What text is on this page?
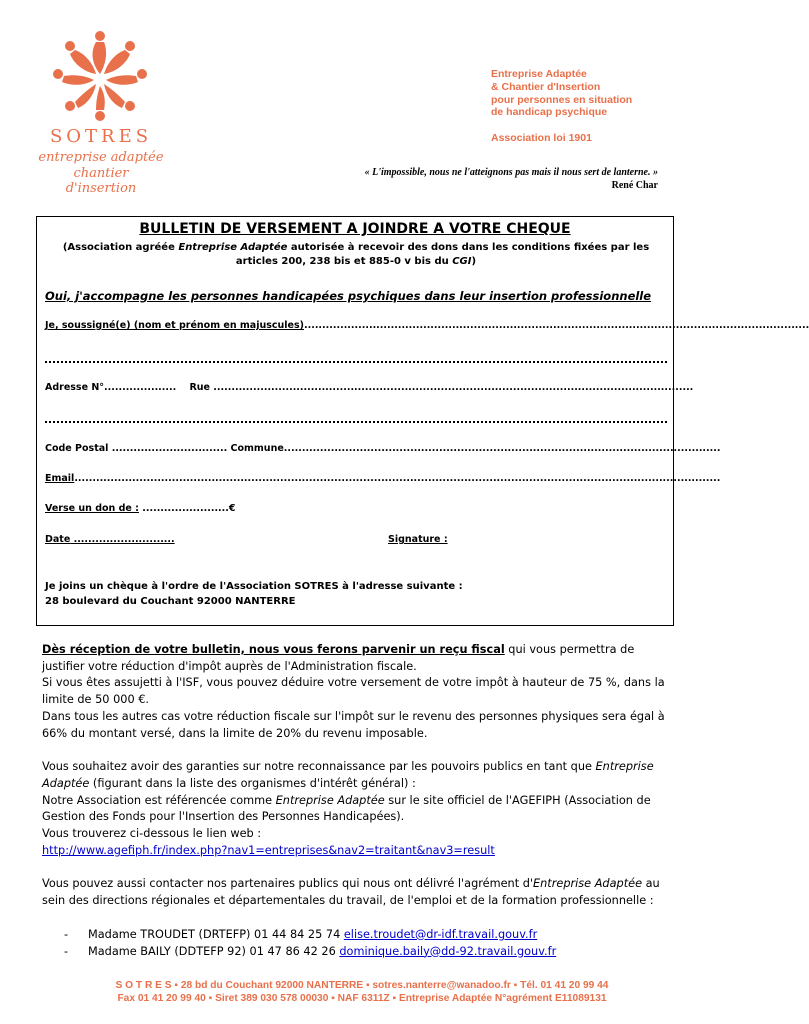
SOTRES
entreprise adaptée
chantier d'insertion
Entreprise Adaptée
& Chantier d'Insertion
pour personnes en situation
de handicap psychique
Association loi 1901
« L'impossible, nous ne l'atteignons pas mais il nous sert de lanterne. »
René Char
BULLETIN DE VERSEMENT A JOINDRE A VOTRE CHEQUE
(Association agréée Entreprise Adaptée autorisée à recevoir des dons dans les conditions fixées par les articles 200, 238 bis et 885-0 v bis du CGI)
Oui, j'accompagne les personnes handicapées psychiques dans leur insertion professionnelle
Je, soussigné(e) (nom et prénom en majuscules)............................................................................................................................................
Adresse N°....................    Rue .....................................................................................................................................
Code Postal ................................ Commune.........................................................................................................................
Email...................................................................................................................................................................................
Verse un don de : ........................€
Date ............................	Signature :
Je joins un chèque à l'ordre de l'Association SOTRES à l'adresse suivante :
28 boulevard du Couchant 92000 NANTERRE

Dès réception de votre bulletin, nous vous ferons parvenir un reçu fiscal qui vous permettra de justifier votre réduction d'impôt auprès de l'Administration fiscale.

Si vous êtes assujetti à l'ISF, vous pouvez déduire votre versement de votre impôt à hauteur de 75 %, dans la limite de 50 000 €.

Dans tous les autres cas votre réduction fiscale sur l'impôt sur le revenu des personnes physiques sera égal à 66% du montant versé, dans la limite de 20% du revenu imposable.

Vous souhaitez avoir des garanties sur notre reconnaissance par les pouvoirs publics en tant que Entreprise Adaptée (figurant dans la liste des organismes d'intérêt général) :

Notre Association est référencée comme Entreprise Adaptée sur le site officiel de l'AGEFIPH (Association de Gestion des Fonds pour l'Insertion des Personnes Handicapées).

Vous trouverez ci-dessous le lien web :

http://www.agefiph.fr/index.php?nav1=entreprises&nav2=traitant&nav3=result

Vous pouvez aussi contacter nos partenaires publics qui nous ont délivré l'agrément d'Entreprise Adaptée au sein des directions régionales et départementales du travail, de l'emploi et de la formation professionnelle :

- Madame TROUDET (DRTEFP) 01 44 84 25 74 elise.troudet@dr-idf.travail.gouv.fr

- Madame BAILY (DDTEFP 92) 01 47 86 42 26 dominique.baily@dd-92.travail.gouv.fr

S O T R E S ▪ 28 bd du Couchant 92000 NANTERRE ▪ sotres.nanterre@wanadoo.fr ▪ Tél. 01 41 20 99 44
Fax 01 41 20 99 40 ▪ Siret 389 030 578 00030 ▪ NAF 6311Z ▪ Entreprise Adaptée N°agrément E11089131
